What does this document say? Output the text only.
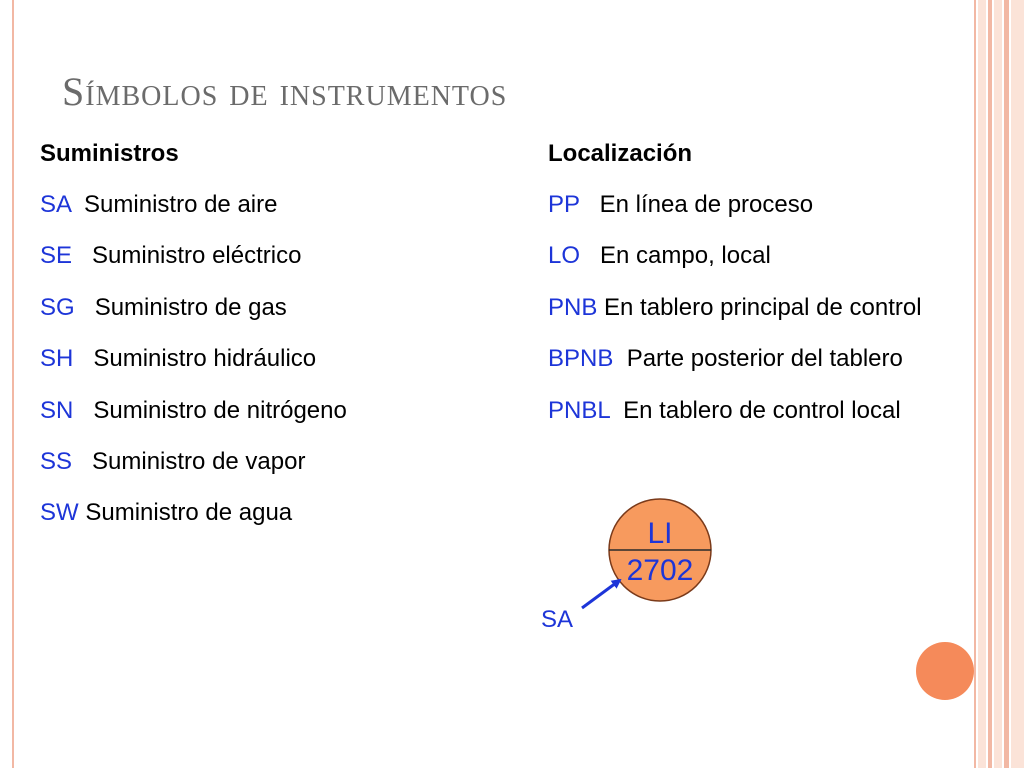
Símbolos de instrumentos
Suministros
SA Suministro de aire
SE Suministro eléctrico
SG Suministro de gas
SH Suministro hidráulico
SN Suministro de nitrógeno
SS Suministro de vapor
SW Suministro de agua
Localización
PP En línea de proceso
LO En campo, local
PNB En tablero principal de control
BPNB Parte posterior del tablero
PNBL En tablero de control local
LI
2702
SA
